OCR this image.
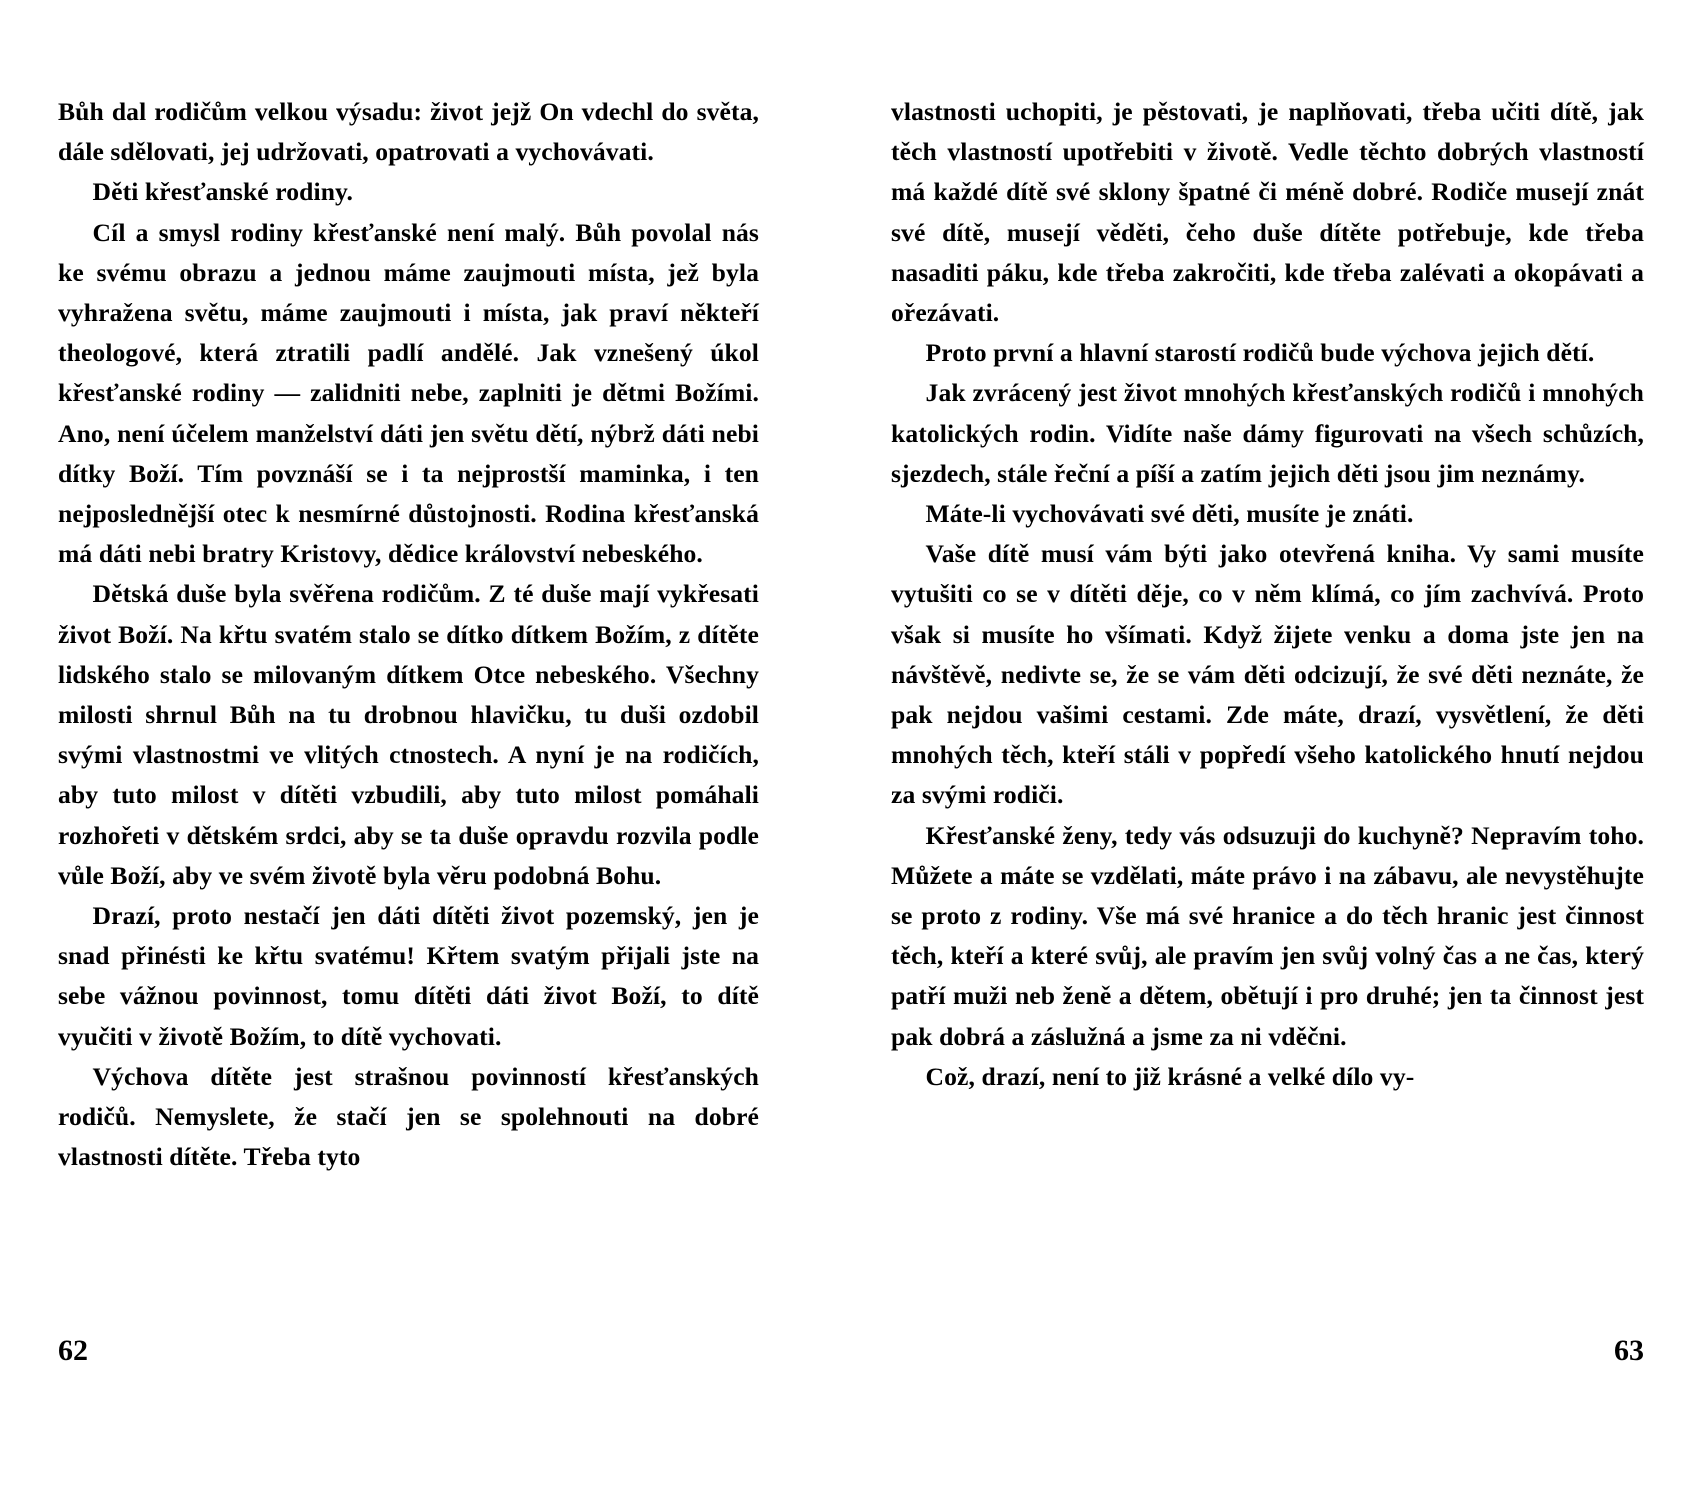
Bůh dal rodičům velkou výsadu: život jejž On vdechl do světa, dále sdělovati, jej udržovati, opatrovati a vychovávati.

Děti křesťanské rodiny.

Cíl a smysl rodiny křesťanské není malý. Bůh povolal nás ke svému obrazu a jednou máme zaujmouti místa, jež byla vyhražena světu, máme zaujmouti i místa, jak praví někteří theologové, která ztratili padlí andělé. Jak vznešený úkol křesťanské rodiny — zalidniti nebe, zaplniti je dětmi Božími. Ano, není účelem manželství dáti jen světu dětí, nýbrž dáti nebi dítky Boží. Tím povznáší se i ta nejprostší maminka, i ten nejposlednější otec k nesmírné důstojnosti. Rodina křesťanská má dáti nebi bratry Kristovy, dědice království nebeského.

Dětská duše byla svěřena rodičům. Z té duše mají vykřesati život Boží. Na křtu svatém stalo se dítko dítkem Božím, z dítěte lidského stalo se milovaným dítkem Otce nebeského. Všechny milosti shrnul Bůh na tu drobnou hlavičku, tu duši ozdobil svými vlastnostmi ve vlitých ctnostech. A nyní je na rodičích, aby tuto milost v dítěti vzbudili, aby tuto milost pomáhali rozhořeti v dětském srdci, aby se ta duše opravdu rozvila podle vůle Boží, aby ve svém životě byla věru podobná Bohu.

Drazí, proto nestačí jen dáti dítěti život pozemský, jen je snad přinésti ke křtu svatému! Křtem svatým přijali jste na sebe vážnou povinnost, tomu dítěti dáti život Boží, to dítě vyučiti v životě Božím, to dítě vychovati.

Výchova dítěte jest strašnou povinností křesťanských rodičů. Nemyslete, že stačí jen se spolehnouti na dobré vlastnosti dítěte. Třeba tyto

62

vlastnosti uchopiti, je pěstovati, je naplňovati, třeba učiti dítě, jak těch vlastností upotřebiti v životě. Vedle těchto dobrých vlastností má každé dítě své sklony špatné či méně dobré. Rodiče musejí znát své dítě, musejí věděti, čeho duše dítěte potřebuje, kde třeba nasaditi páku, kde třeba zakročiti, kde třeba zalévati a okopávati a ořezávati.

Proto první a hlavní starostí rodičů bude výchova jejich dětí.

Jak zvrácený jest život mnohých křesťanských rodičů i mnohých katolických rodin. Vidíte naše dámy figurovati na všech schůzích, sjezdech, stále řeční a píší a zatím jejich děti jsou jim neznámy.

Máte-li vychovávati své děti, musíte je znáti.

Vaše dítě musí vám býti jako otevřená kniha. Vy sami musíte vytušiti co se v dítěti děje, co v něm klímá, co jím zachvívá. Proto však si musíte ho všímati. Když žijete venku a doma jste jen na návštěvě, nedivte se, že se vám děti odcizují, že své děti neznáte, že pak nejdou vašimi cestami. Zde máte, drazí, vysvětlení, že děti mnohých těch, kteří stáli v popředí všeho katolického hnutí nejdou za svými rodiči.

Křesťanské ženy, tedy vás odsuzuji do kuchyně? Nepravím toho. Můžete a máte se vzdělati, máte právo i na zábavu, ale nevystěhujte se proto z rodiny. Vše má své hranice a do těch hranic jest činnost těch, kteří a které svůj, ale pravím jen svůj volný čas a ne čas, který patří muži neb ženě a dětem, obětují i pro druhé; jen ta činnost jest pak dobrá a záslužná a jsme za ni vděčni.

Což, drazí, není to již krásné a velké dílo vy-

63
